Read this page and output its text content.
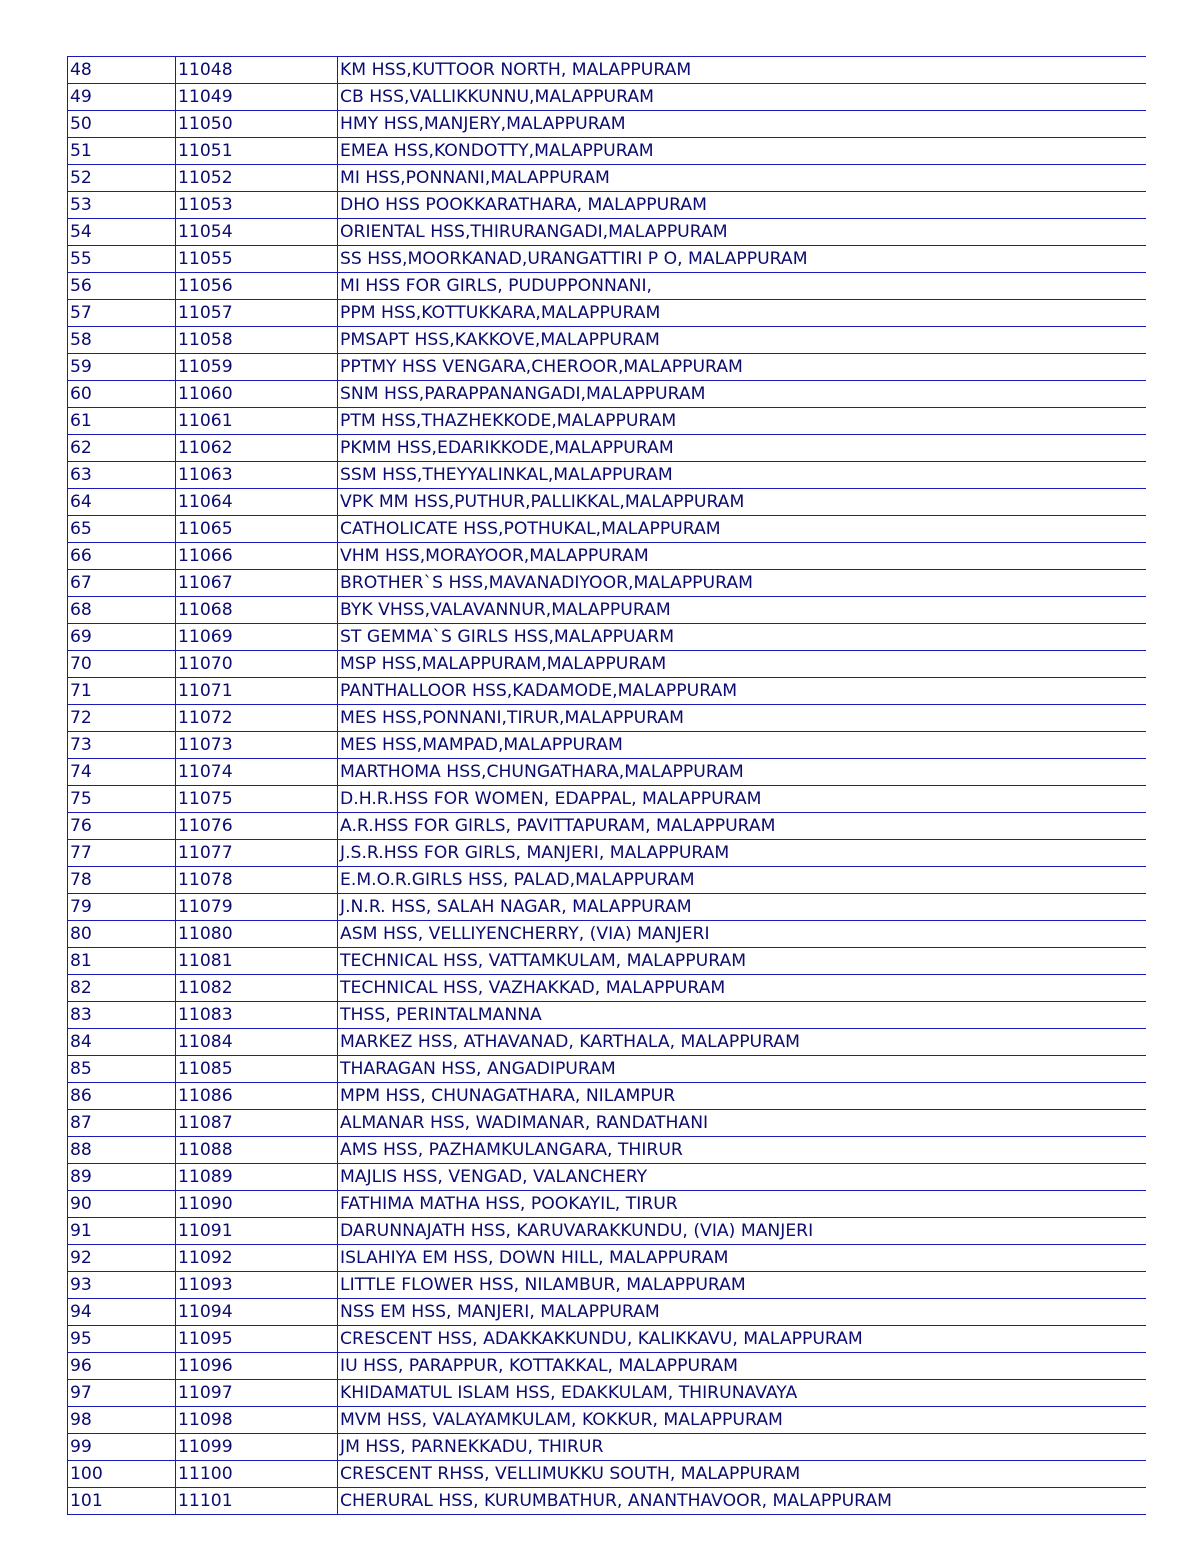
48	11048	KM HSS,KUTTOOR NORTH, MALAPPURAM
49	11049	CB HSS,VALLIKKUNNU,MALAPPURAM
50	11050	HMY HSS,MANJERY,MALAPPURAM
51	11051	EMEA HSS,KONDOTTY,MALAPPURAM
52	11052	MI HSS,PONNANI,MALAPPURAM
53	11053	DHO HSS POOKKARATHARA, MALAPPURAM
54	11054	ORIENTAL HSS,THIRURANGADI,MALAPPURAM
55	11055	SS HSS,MOORKANAD,URANGATTIRI P O, MALAPPURAM
56	11056	MI HSS FOR GIRLS, PUDUPPONNANI,
57	11057	PPM HSS,KOTTUKKARA,MALAPPURAM
58	11058	PMSAPT HSS,KAKKOVE,MALAPPURAM
59	11059	PPTMY HSS VENGARA,CHEROOR,MALAPPURAM
60	11060	SNM HSS,PARAPPANANGADI,MALAPPURAM
61	11061	PTM HSS,THAZHEKKODE,MALAPPURAM
62	11062	PKMM HSS,EDARIKKODE,MALAPPURAM
63	11063	SSM HSS,THEYYALINKAL,MALAPPURAM
64	11064	VPK MM HSS,PUTHUR,PALLIKKAL,MALAPPURAM
65	11065	CATHOLICATE HSS,POTHUKAL,MALAPPURAM
66	11066	VHM HSS,MORAYOOR,MALAPPURAM
67	11067	BROTHER`S HSS,MAVANADIYOOR,MALAPPURAM
68	11068	BYK VHSS,VALAVANNUR,MALAPPURAM
69	11069	ST GEMMA`S GIRLS HSS,MALAPPUARM
70	11070	MSP HSS,MALAPPURAM,MALAPPURAM
71	11071	PANTHALLOOR HSS,KADAMODE,MALAPPURAM
72	11072	MES HSS,PONNANI,TIRUR,MALAPPURAM
73	11073	MES HSS,MAMPAD,MALAPPURAM
74	11074	MARTHOMA HSS,CHUNGATHARA,MALAPPURAM
75	11075	D.H.R.HSS FOR WOMEN, EDAPPAL, MALAPPURAM
76	11076	A.R.HSS FOR GIRLS, PAVITTAPURAM, MALAPPURAM
77	11077	J.S.R.HSS FOR GIRLS, MANJERI, MALAPPURAM
78	11078	E.M.O.R.GIRLS HSS, PALAD,MALAPPURAM
79	11079	J.N.R. HSS, SALAH NAGAR, MALAPPURAM
80	11080	ASM HSS, VELLIYENCHERRY, (VIA) MANJERI
81	11081	TECHNICAL HSS, VATTAMKULAM, MALAPPURAM
82	11082	TECHNICAL HSS, VAZHAKKAD, MALAPPURAM
83	11083	THSS, PERINTALMANNA
84	11084	MARKEZ HSS, ATHAVANAD, KARTHALA, MALAPPURAM
85	11085	THARAGAN HSS, ANGADIPURAM
86	11086	MPM HSS, CHUNAGATHARA, NILAMPUR
87	11087	ALMANAR HSS, WADIMANAR, RANDATHANI
88	11088	AMS HSS, PAZHAMKULANGARA, THIRUR
89	11089	MAJLIS HSS, VENGAD, VALANCHERY
90	11090	FATHIMA MATHA HSS, POOKAYIL, TIRUR
91	11091	DARUNNAJATH HSS, KARUVARAKKUNDU, (VIA) MANJERI
92	11092	ISLAHIYA EM HSS, DOWN HILL, MALAPPURAM
93	11093	LITTLE FLOWER HSS, NILAMBUR, MALAPPURAM
94	11094	NSS EM HSS, MANJERI, MALAPPURAM
95	11095	CRESCENT HSS, ADAKKAKKUNDU, KALIKKAVU, MALAPPURAM
96	11096	IU HSS, PARAPPUR, KOTTAKKAL, MALAPPURAM
97	11097	KHIDAMATUL ISLAM HSS, EDAKKULAM, THIRUNAVAYA
98	11098	MVM HSS, VALAYAMKULAM, KOKKUR, MALAPPURAM
99	11099	JM HSS, PARNEKKADU, THIRUR
100	11100	CRESCENT RHSS, VELLIMUKKU SOUTH, MALAPPURAM
101	11101	CHERURAL HSS, KURUMBATHUR, ANANTHAVOOR, MALAPPURAM
